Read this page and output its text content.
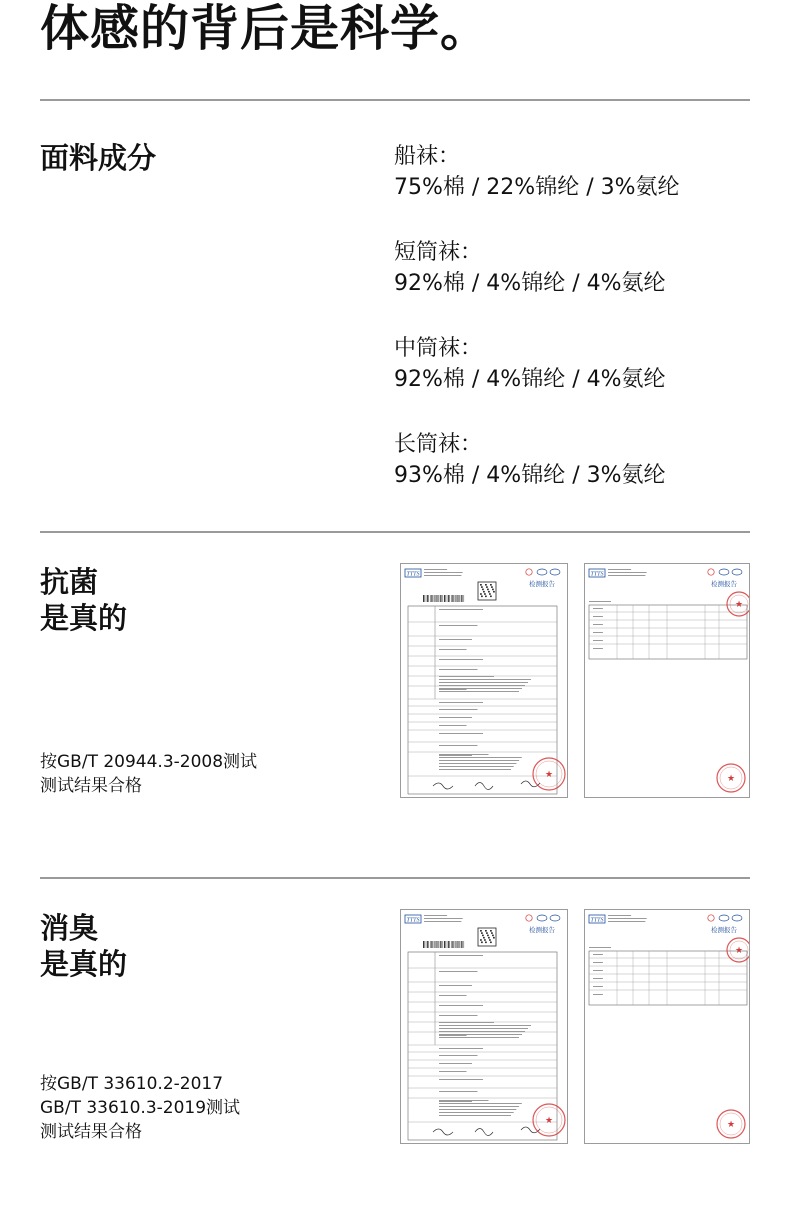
体感的背后是科学。
面料成分	船袜：
75%棉 / 22%锦纶 / 3%氨纶
短筒袜：
92%棉 / 4%锦纶 / 4%氨纶
中筒袜：
92%棉 / 4%锦纶 / 4%氨纶
长筒袜：
93%棉 / 4%锦纶 / 3%氨纶
抗菌
是真的
按GB/T 20944.3-2008测试
测试结果合格
TTTS
检测报告
★
TTTS
检测报告
★
★
消臭
是真的
按GB/T 33610.2-2017
GB/T 33610.3-2019测试
测试结果合格
TTTS
检测报告
★
TTTS
检测报告
★
★
